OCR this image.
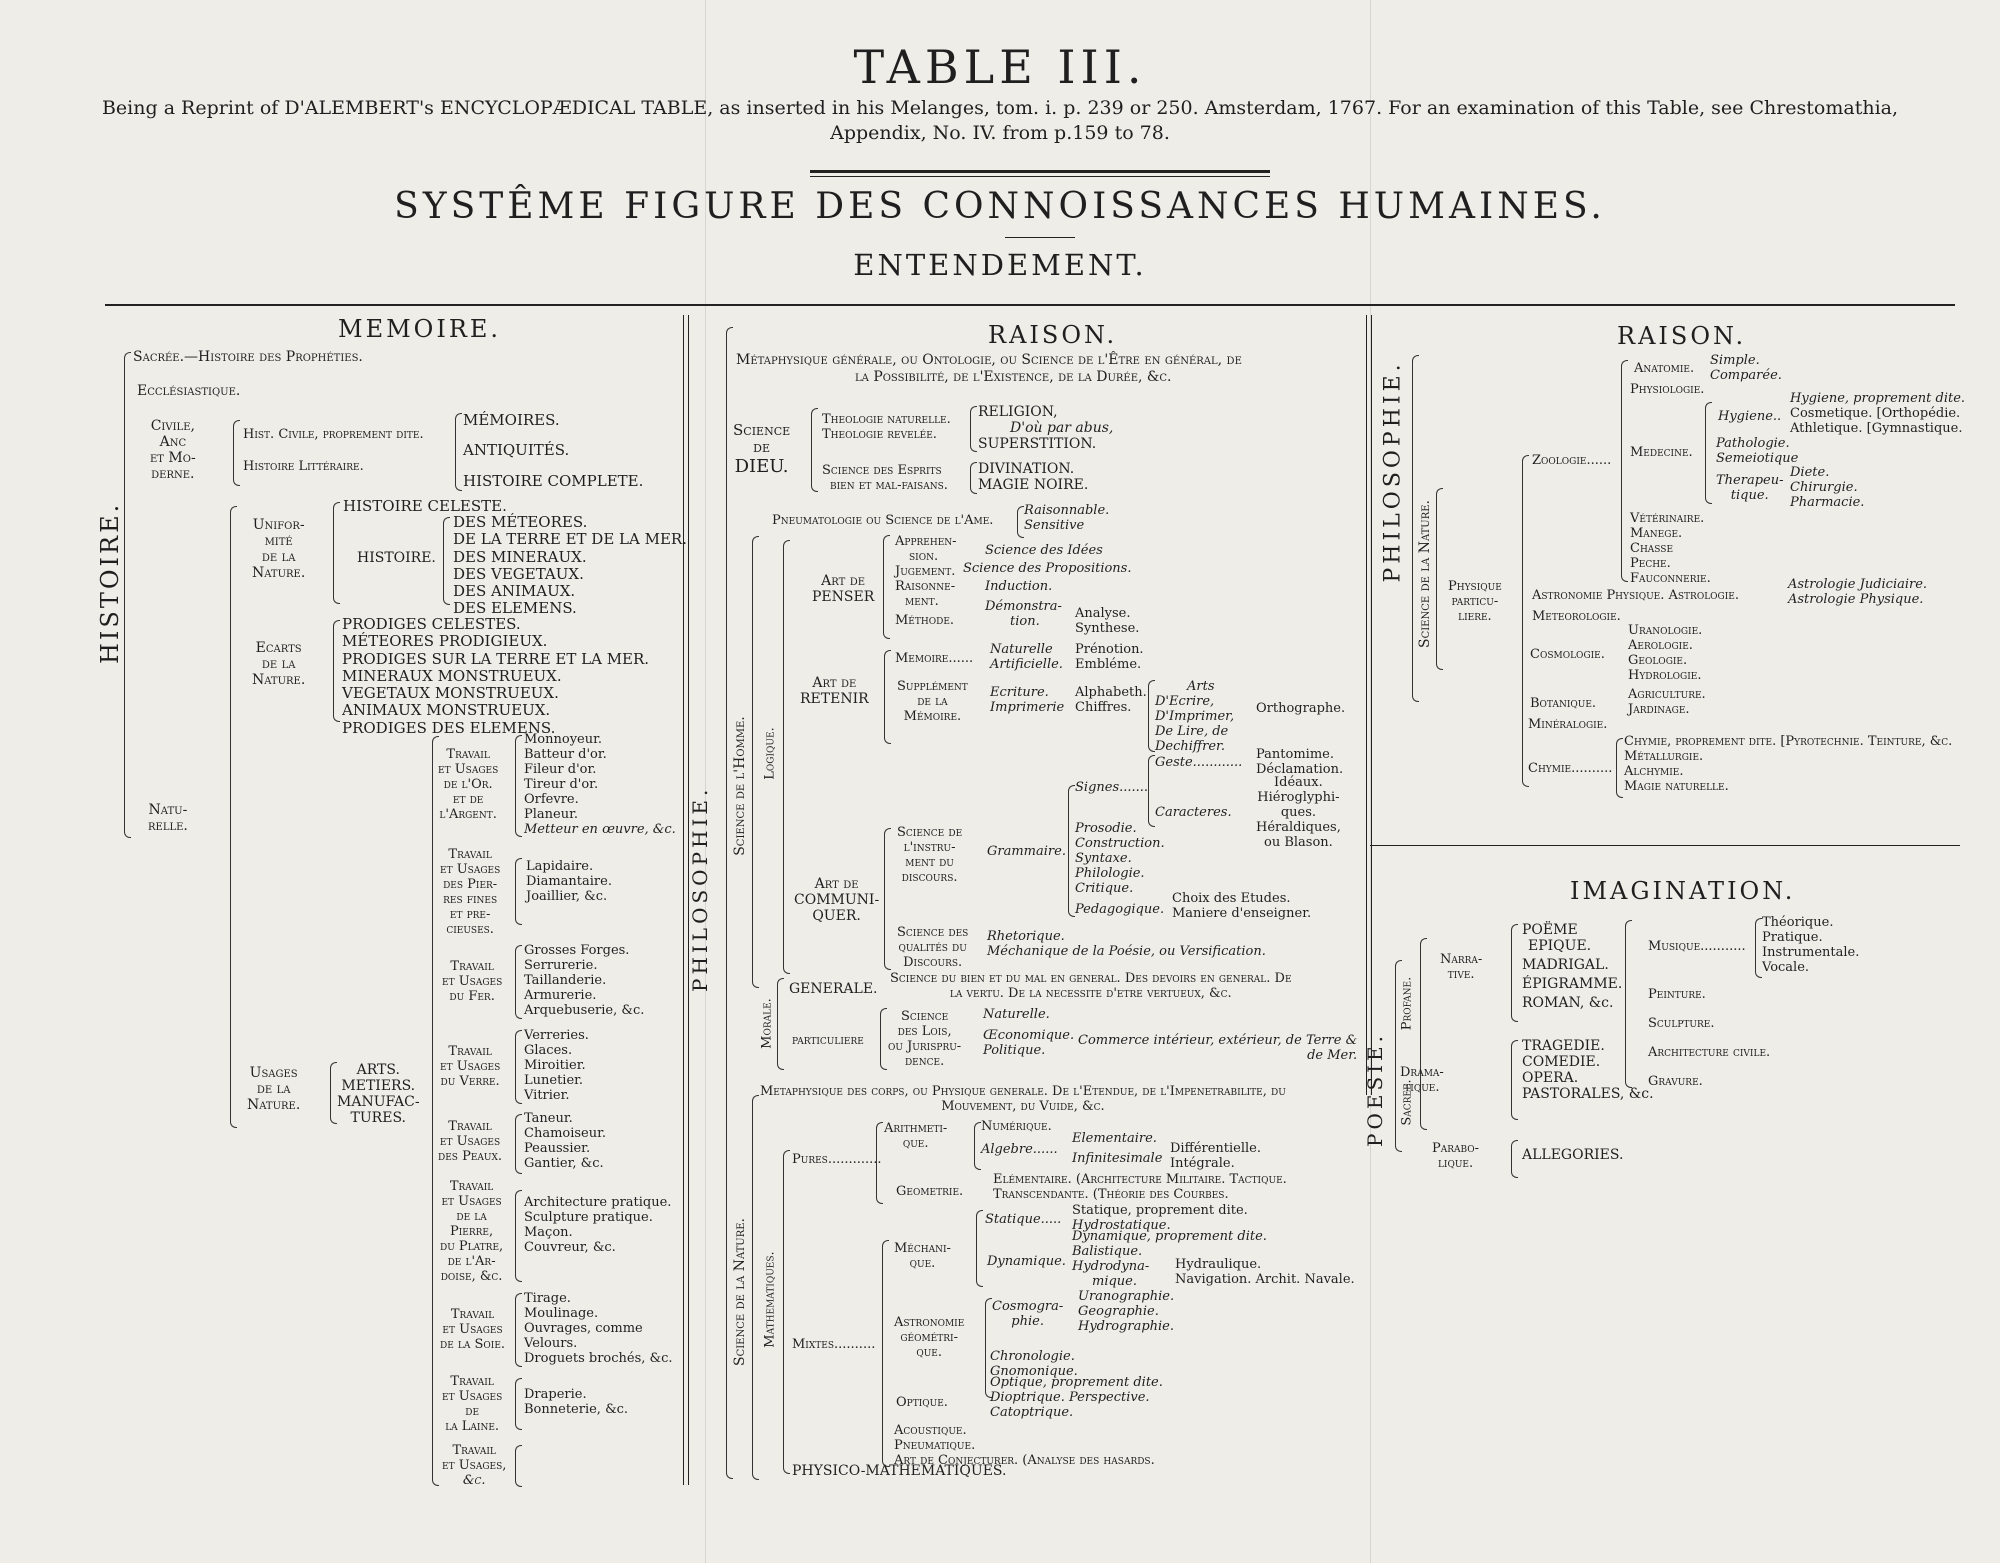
TABLE III.
Being a Reprint of D'ALEMBERT's ENCYCLOPÆDICAL TABLE, as inserted in his Melanges, tom. i. p. 239 or 250. Amsterdam, 1767. For an examination of this Table, see Chrestomathia,
Appendix, No. IV. from p.159 to 78.
SYSTÊME FIGURE DES CONNOISSANCES HUMAINES.
ENTENDEMENT.
MEMOIRE.
HISTOIRE.
Sacrée.—Histoire des Prophéties.
Ecclésiastique.
Civile,
Anc
et Mo-
derne.
Hist. Civile, proprement dite.
Histoire Littéraire.
MÉMOIRES.
ANTIQUITÉS.
HISTOIRE COMPLETE.
Unifor-
mité
de la
Nature.
HISTOIRE CELESTE.
HISTOIRE.
DES MÉTEORES.
DE LA TERRE ET DE LA MER.
DES MINERAUX.
DES VEGETAUX.
DES ANIMAUX.
DES ELEMENS.
Ecarts
de la
Nature.
PRODIGES CELESTES.
MÉTEORES PRODIGIEUX.
PRODIGES SUR LA TERRE ET LA MER.
MINERAUX MONSTRUEUX.
VEGETAUX MONSTRUEUX.
ANIMAUX MONSTRUEUX.
PRODIGES DES ELEMENS.
Natu-
relle.
Usages
de la
Nature.
ARTS.
METIERS.
MANUFAC-
TURES.
Travail
et Usages
de l'Or.
et de
l'Argent.
Monnoyeur.
Batteur d'or.
Fileur d'or.
Tireur d'or.
Orfevre.
Planeur.
Metteur en œuvre, &c.
Travail
et Usages
des Pier-
res fines
et pre-
cieuses.
Lapidaire.
Diamantaire.
Joaillier, &c.
Travail
et Usages
du Fer.
Grosses Forges.
Serrurerie.
Taillanderie.
Armurerie.
Arquebuserie, &c.
Travail
et Usages
du Verre.
Verreries.
Glaces.
Miroitier.
Lunetier.
Vitrier.
Travail
et Usages
des Peaux.
Taneur.
Chamoiseur.
Peaussier.
Gantier, &c.
Travail
et Usages
de la
Pierre,
du Platre,
de l'Ar-
doise, &c.
Architecture pratique.
Sculpture pratique.
Maçon.
Couvreur, &c.
Travail
et Usages
de la Soie.
Tirage.
Moulinage.
Ouvrages, comme
Velours.
Droguets brochés, &c.
Travail
et Usages
de
la Laine.
Draperie.
Bonneterie, &c.
Travail
et Usages,
&c.
RAISON.
PHILOSOPHIE.
Métaphysique générale, ou Ontologie, ou Science de l'Être en général, de
la Possibilité, de l'Existence, de la Durée, &c.
Science
de
DIEU.
Theologie naturelle.
Theologie revelée.
RELIGION,
D'où par abus,
SUPERSTITION.
Science des Esprits
bien et mal-faisans.
DIVINATION.
MAGIE NOIRE.
Pneumatologie ou Science de l'Ame.
Raisonnable.
Sensitive
Science de l'Homme. Logique.
Art de
PENSER
Apprehen-
sion.
Jugement.
Raisonne-
ment.
Méthode.
Science des Idées
Science des Propositions.
Induction.
Démonstra-
tion.
Analyse.
Synthese.
Art de
RETENIR
Memoire......
Naturelle
Artificielle.
Prénotion.
Embléme.
Supplément
de la
Mémoire.
Ecriture.
Imprimerie
Alphabeth.
Chiffres.
Arts
D'Ecrire,
D'Imprimer,
De Lire, de
Dechiffrer.
Orthographe.
Art de
COMMUNI-
QUER.
Science de
l'instru-
ment du
discours.
Grammaire.
Signes.......
Geste............
Pantomime.
Déclamation.
Caracteres.
Idéaux.
Hiéroglyphi-
ques.
Héraldiques,
ou Blason.
Prosodie.
Construction.
Syntaxe.
Philologie.
Critique.
Pedagogique.
Choix des Etudes.
Maniere d'enseigner.
Science des
qualités du
Discours.
Rhetorique.
Méchanique de la Poésie, ou Versification.
Morale.
GENERALE.
Science du bien et du mal en general. Des devoirs en general. De
la vertu. De la necessite d'etre vertueux, &c.
particuliere
Science
des Lois,
ou Jurispru-
dence.
Naturelle.
Œconomique.
Politique.
Commerce intérieur, extérieur, de Terre &
de Mer.
Metaphysique des corps, ou Physique generale. De l'Etendue, de l'Impenetrabilite, du
Mouvement, du Vuide, &c.
Science de la Nature. Mathematiques.
Pures.............
Arithmeti-
que.
Numérique.
Algebre......
Elementaire.
Infinitesimale
Différentielle.
Intégrale.
Geometrie.
Elémentaire. (Architecture Militaire. Tactique.
Transcendante. (Théorie des Courbes.
Mixtes..........
Méchani-
que.
Statique.....
Statique, proprement dite.
Hydrostatique.
Dynamique.
Dynamique, proprement dite.
Balistique.
Hydrodyna-
mique.
Hydraulique.
Navigation. Archit. Navale.
Astronomie
géométri-
que.
Cosmogra-
phie.
Uranographie.
Geographie.
Hydrographie.
Chronologie.
Gnomonique.
Optique.
Optique, proprement dite.
Dioptrique. Perspective.
Catoptrique.
Acoustique.
Pneumatique.
Art de Conjecturer. (Analyse des hasards.
PHYSICO-MATHEMATIQUES.
RAISON.
PHILOSOPHIE. Science de la Nature. Physique
particu-
liere.
Zoologie......
Anatomie.
Simple.
Comparée.
Physiologie.
Medecine.
Hygiene..
Hygiene, proprement dite.
Cosmetique. [Orthopédie.
Athletique. [Gymnastique.
Pathologie.
Semeiotique
Therapeu-
tique.
Diete.
Chirurgie.
Pharmacie.
Vétérinaire.
Manege.
Chasse
Peche.
Fauconnerie.
Astronomie Physique. Astrologie.
Astrologie Judiciaire.
Astrologie Physique.
Meteorologie.
Cosmologie.
Uranologie.
Aerologie.
Geologie.
Hydrologie.
Botanique.
Agriculture.
Jardinage.
Minéralogie.
Chymie..........
Chymie, proprement dite. [Pyrotechnie. Teinture, &c.
Métallurgie.
Alchymie.
Magie naturelle.
IMAGINATION.
POESIE. Sacree.
Profane.
Narra-
tive.
POËME
EPIQUE.
MADRIGAL.
ÉPIGRAMME.
ROMAN, &c.
Drama-
tique.
TRAGEDIE.
COMEDIE.
OPERA.
PASTORALES, &c.
Parabo-
lique.
ALLEGORIES.
Musique...........
Théorique.
Pratique.
Instrumentale.
Vocale.
Peinture.
Sculpture.
Architecture civile.
Gravure.
